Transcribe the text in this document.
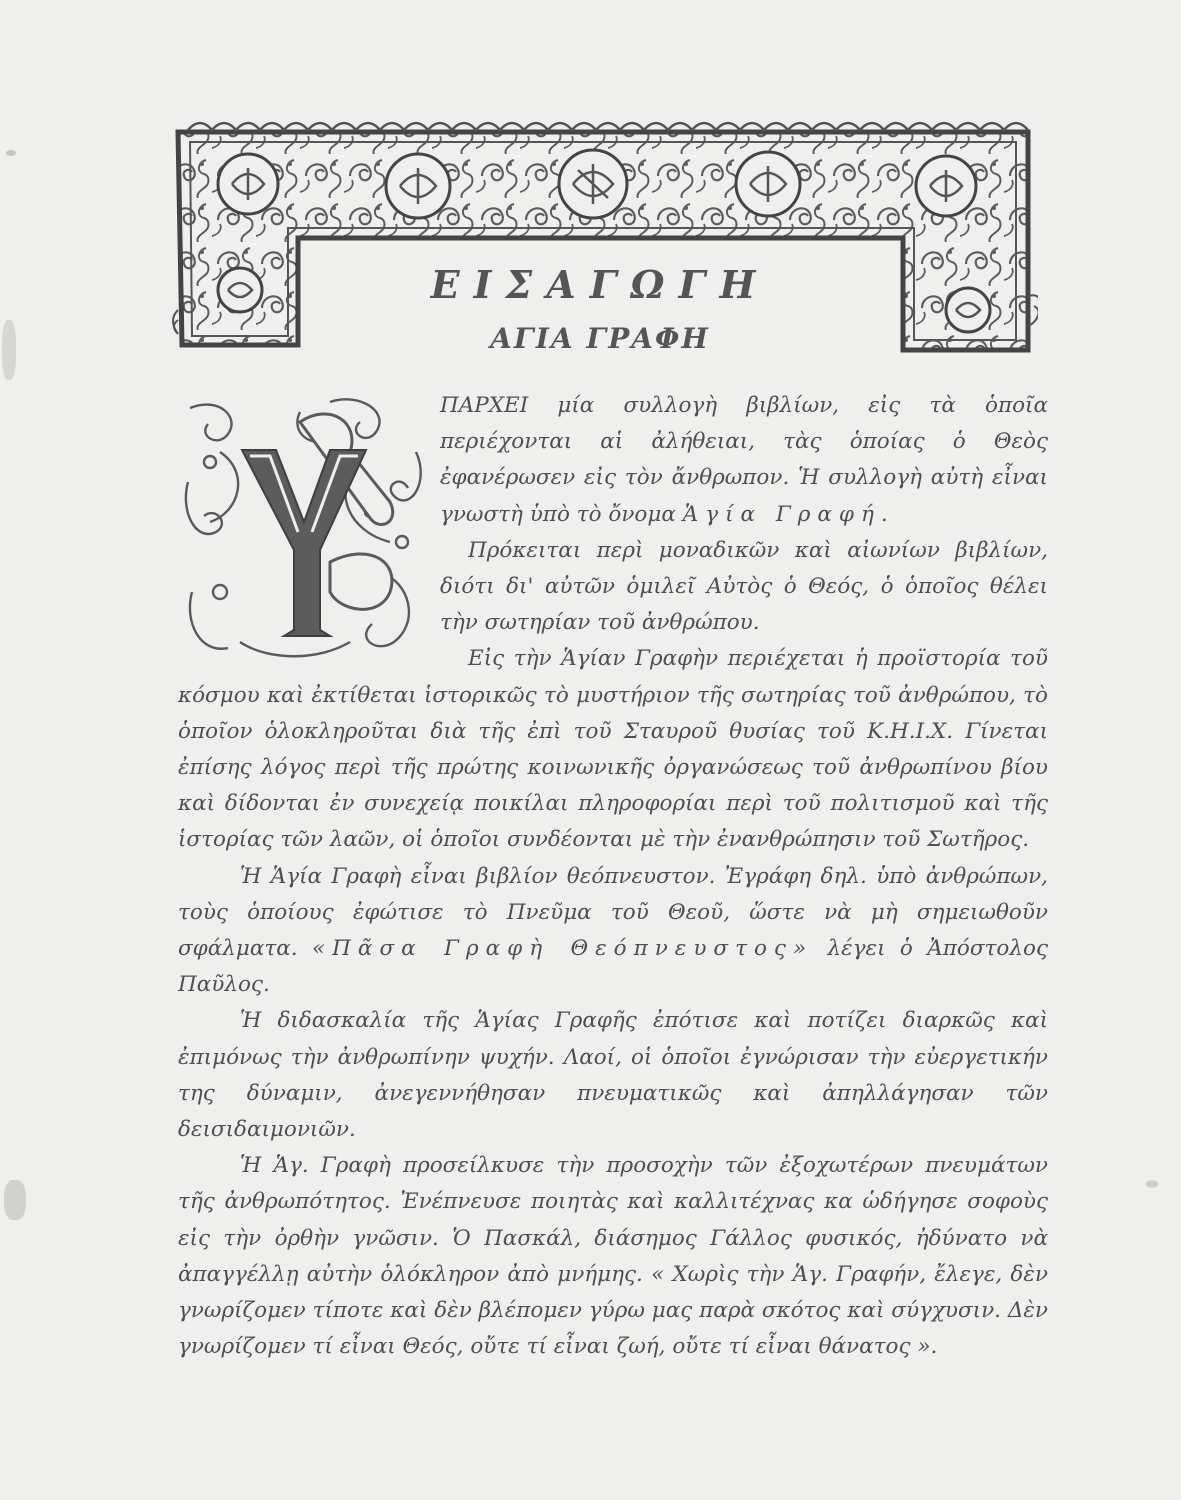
ΕΙΣΑΓΩΓΗ
ΑΓΙΑ ΓΡΑΦΗ

ΠΑΡΧΕΙ μία συλλογὴ βιβλίων, εἰς τὰ ὁποῖα περιέχονται αἱ ἀλήθειαι, τὰς ὁποίας ὁ Θεὸς ἐφανέρωσεν εἰς τὸν ἄνθρωπον. Ἡ συλλογὴ αὐτὴ εἶναι γνωστὴ ὑπὸ τὸ ὄνομα Ἁγία Γραφή.

Πρόκειται περὶ μοναδικῶν καὶ αἰωνίων βιβλίων, διότι δι' αὐτῶν ὁμιλεῖ Αὐτὸς ὁ Θεός, ὁ ὁποῖος θέλει τὴν σωτηρίαν τοῦ ἀνθρώπου.

Εἰς τὴν Ἁγίαν Γραφὴν περιέχεται ἡ προϊστορία τοῦ κόσμου καὶ ἐκτίθεται ἱστορικῶς τὸ μυστήριον τῆς σωτηρίας τοῦ ἀνθρώπου, τὸ ὁποῖον ὁλοκληροῦται διὰ τῆς ἐπὶ τοῦ Σταυροῦ θυσίας τοῦ Κ.Η.Ι.Χ. Γίνεται ἐπίσης λόγος περὶ τῆς πρώτης κοινωνικῆς ὀργανώσεως τοῦ ἀνθρωπίνου βίου καὶ δίδονται ἐν συνεχείᾳ ποικίλαι πληροφορίαι περὶ τοῦ πολιτισμοῦ καὶ τῆς ἱστορίας τῶν λαῶν, οἱ ὁποῖοι συνδέονται μὲ τὴν ἐνανθρώπησιν τοῦ Σωτῆρος.

Ἡ Ἁγία Γραφὴ εἶναι βιβλίον θεόπνευστον. Ἐγράφη δηλ. ὑπὸ ἀνθρώπων, τοὺς ὁποίους ἐφώτισε τὸ Πνεῦμα τοῦ Θεοῦ, ὥστε νὰ μὴ σημειωθοῦν σφάλματα. «Πᾶσα Γραφὴ Θεόπνευστος» λέγει ὁ Ἀπόστολος Παῦλος.

Ἡ διδασκαλία τῆς Ἁγίας Γραφῆς ἐπότισε καὶ ποτίζει διαρκῶς καὶ ἐπιμόνως τὴν ἀνθρωπίνην ψυχήν. Λαοί, οἱ ὁποῖοι ἐγνώρισαν τὴν εὐεργετικήν της δύναμιν, ἀνεγεννήθησαν πνευματικῶς καὶ ἀπηλλάγησαν τῶν δεισιδαιμονιῶν.

Ἡ Ἁγ. Γραφὴ προσείλκυσε τὴν προσοχὴν τῶν ἐξοχωτέρων πνευμάτων τῆς ἀνθρωπότητος. Ἐνέπνευσε ποιητὰς καὶ καλλιτέχνας κα ὡδήγησε σοφοὺς εἰς τὴν ὀρθὴν γνῶσιν. Ὁ Πασκάλ, διάσημος Γάλλος φυσικός, ἠδύνατο νὰ ἀπαγγέλλῃ αὐτὴν ὁλόκληρον ἀπὸ μνήμης. « Χωρὶς τὴν Ἁγ. Γραφήν, ἔλεγε, δὲν γνωρίζομεν τίποτε καὶ δὲν βλέπομεν γύρω μας παρὰ σκότος καὶ σύγχυσιν. Δὲν γνωρίζομεν τί εἶναι Θεός, οὔτε τί εἶναι ζωή, οὔτε τί εἶναι θάνατος ».
